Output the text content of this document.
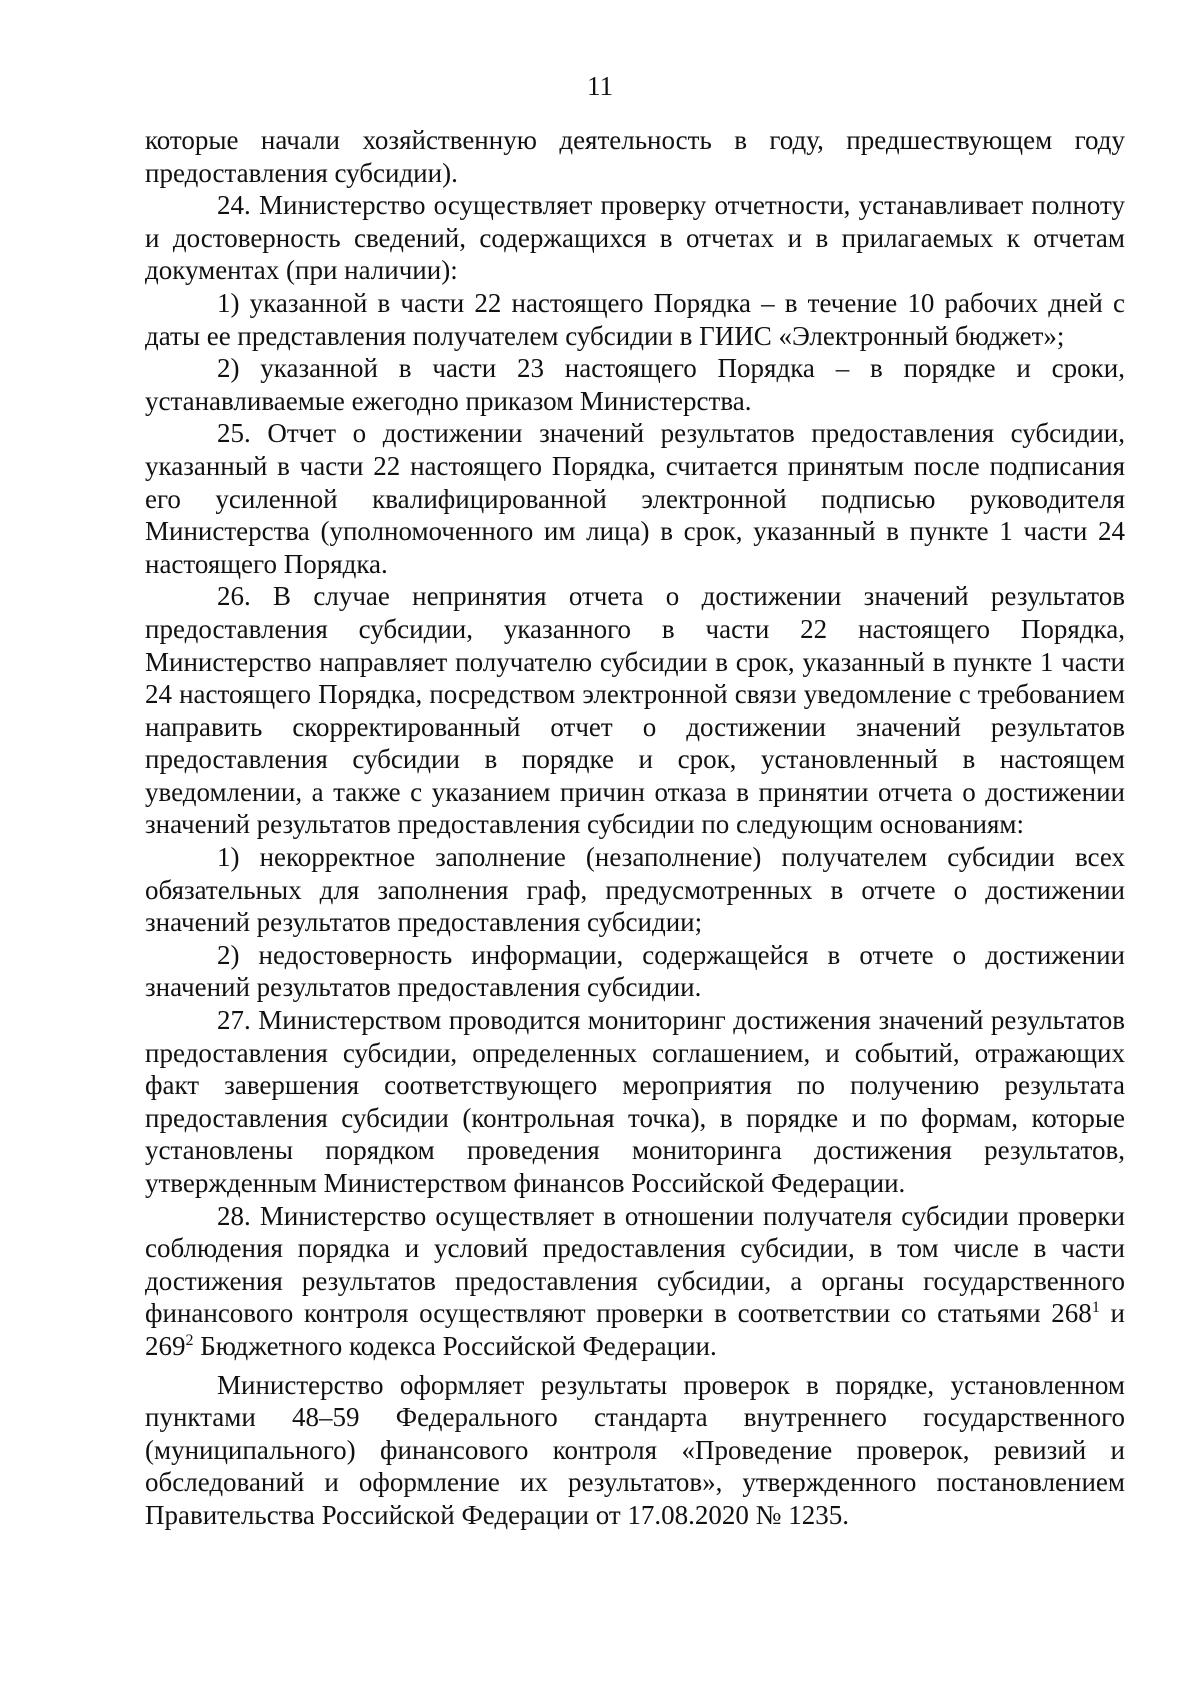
11

которые начали хозяйственную деятельность в году, предшествующем году предоставления субсидии).

24. Министерство осуществляет проверку отчетности, устанавливает полноту и достоверность сведений, содержащихся в отчетах и в прилагаемых к отчетам документах (при наличии):

1) указанной в части 22 настоящего Порядка – в течение 10 рабочих дней с даты ее представления получателем субсидии в ГИИС «Электронный бюджет»;

2) указанной в части 23 настоящего Порядка – в порядке и сроки, устанавливаемые ежегодно приказом Министерства.

25. Отчет о достижении значений результатов предоставления субсидии, указанный в части 22 настоящего Порядка, считается принятым после подписания его усиленной квалифицированной электронной подписью руководителя Министерства (уполномоченного им лица) в срок, указанный в пункте 1 части 24 настоящего Порядка.

26. В случае непринятия отчета о достижении значений результатов предоставления субсидии, указанного в части 22 настоящего Порядка, Министерство направляет получателю субсидии в срок, указанный в пункте 1 части 24 настоящего Порядка, посредством электронной связи уведомление с требованием направить скорректированный отчет о достижении значений результатов предоставления субсидии в порядке и срок, установленный в настоящем уведомлении, а также с указанием причин отказа в принятии отчета о достижении значений результатов предоставления субсидии по следующим основаниям:

1) некорректное заполнение (незаполнение) получателем субсидии всех обязательных для заполнения граф, предусмотренных в отчете о достижении значений результатов предоставления субсидии;

2) недостоверность информации, содержащейся в отчете о достижении значений результатов предоставления субсидии.

27. Министерством проводится мониторинг достижения значений результатов предоставления субсидии, определенных соглашением, и событий, отражающих факт завершения соответствующего мероприятия по получению результата предоставления субсидии (контрольная точка), в порядке и по формам, которые установлены порядком проведения мониторинга достижения результатов, утвержденным Министерством финансов Российской Федерации.

28. Министерство осуществляет в отношении получателя субсидии проверки соблюдения порядка и условий предоставления субсидии, в том числе в части достижения результатов предоставления субсидии, а органы государственного финансового контроля осуществляют проверки в соответствии со статьями $268^1$ и $269^2$ Бюджетного кодекса Российской Федерации.

Министерство оформляет результаты проверок в порядке, установленном пунктами 48–59 Федерального стандарта внутреннего государственного (муниципального) финансового контроля «Проведение проверок, ревизий и обследований и оформление их результатов», утвержденного постановлением Правительства Российской Федерации от 17.08.2020 № 1235.
